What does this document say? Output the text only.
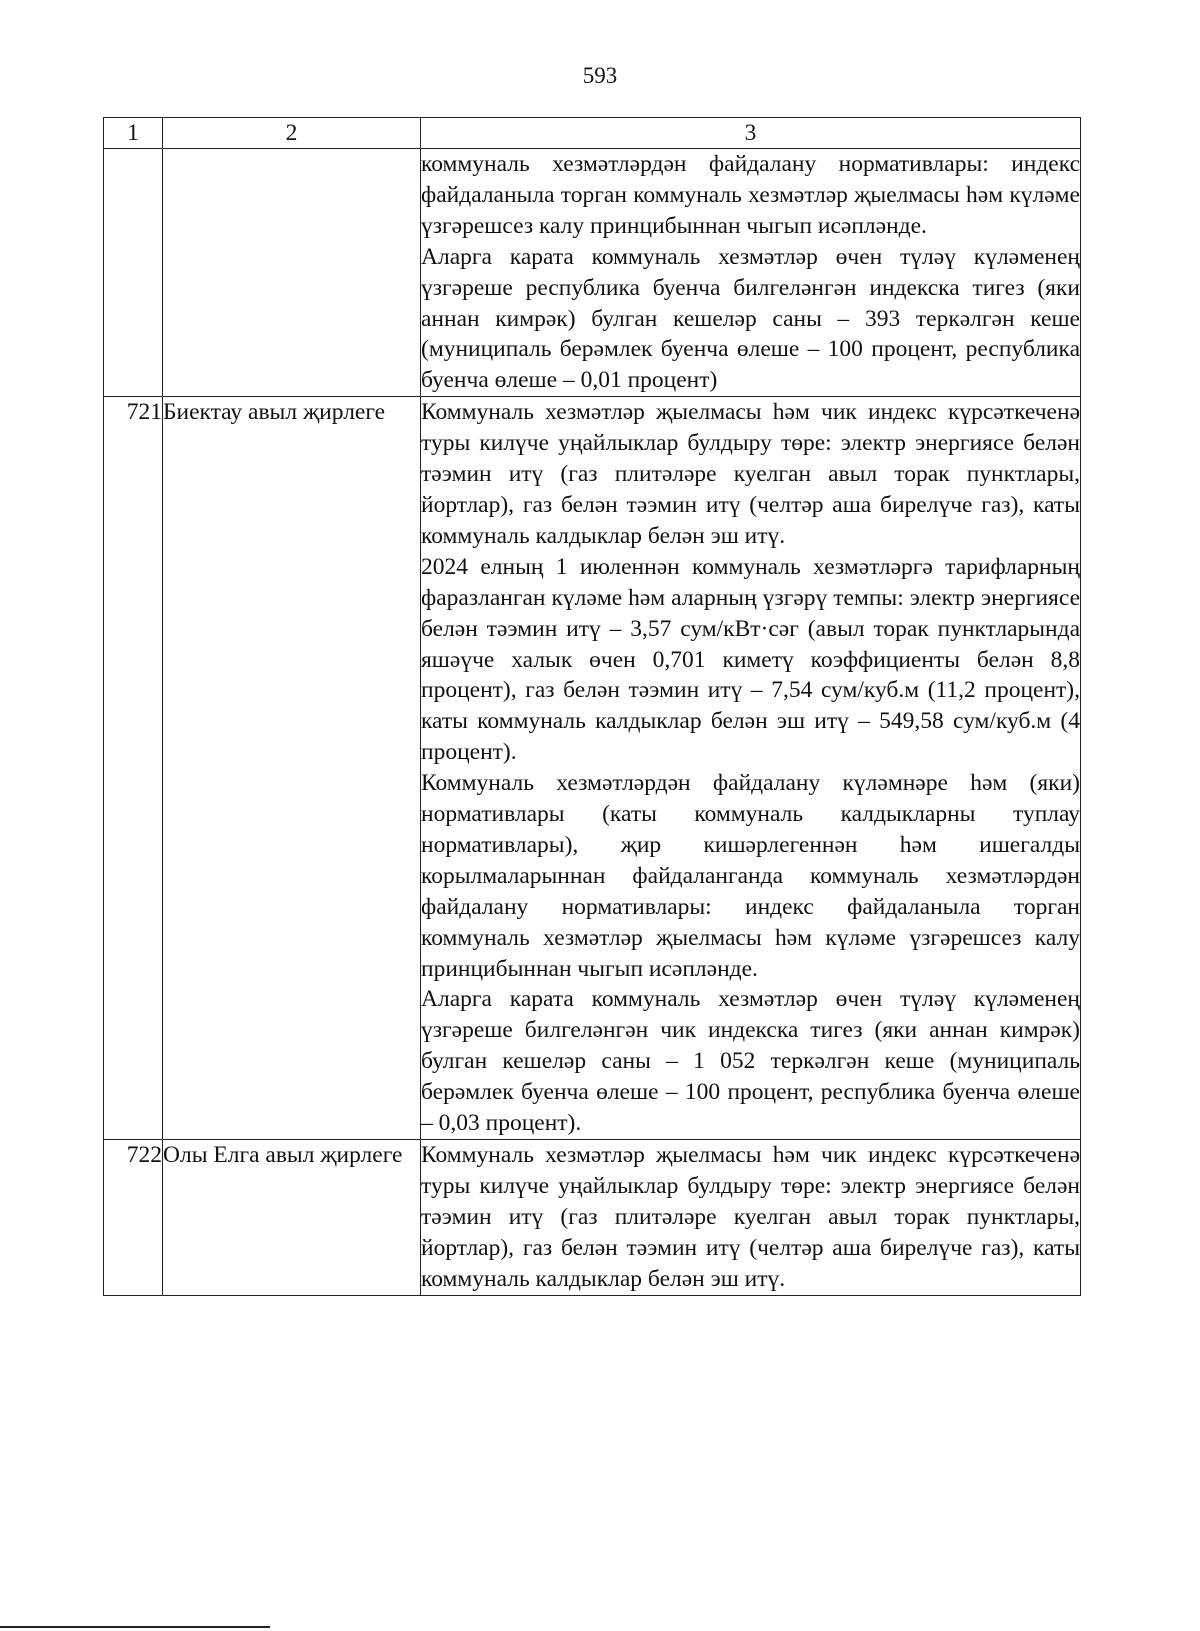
593
1	2	3

		коммуналь хезмәтләрдән файдалану нормативлары: индекс файдаланыла торган коммуналь хезмәтләр җыелмасы һәм күләме үзгәрешсез калу принцибыннан чыгып исәпләнде.

Аларга карата коммуналь хезмәтләр өчен түләү күләменең үзгәреше республика буенча билгеләнгән индекска тигез (яки аннан кимрәк) булган кешеләр саны – 393 теркәлгән кеше (муниципаль берәмлек буенча өлеше – 100 процент, республика буенча өлеше – 0,01 процент)

721	Биектау авыл җирлеге	Коммуналь хезмәтләр җыелмасы һәм чик индекс күрсәткеченә туры килүче уңайлыклар булдыру төре: электр энергиясе белән тәэмин итү (газ плитәләре куелган авыл торак пунктлары, йортлар), газ белән тәэмин итү (челтәр аша бирелүче газ), каты коммуналь калдыклар белән эш итү.

2024 елның 1 июленнән коммуналь хезмәтләргә тарифларның фаразланган күләме һәм аларның үзгәрү темпы: электр энергиясе белән тәэмин итү – 3,57 сум/кВт·сәг (авыл торак пунктларында яшәүче халык өчен 0,701 киметү коэффициенты белән 8,8 процент), газ белән тәэмин итү – 7,54 сум/куб.м (11,2 процент), каты коммуналь калдыклар белән эш итү – 549,58 сум/куб.м (4 процент).

Коммуналь хезмәтләрдән файдалану күләмнәре һәм (яки) нормативлары (каты коммуналь калдыкларны туплау нормативлары), җир кишәрлегеннән һәм ишегалды корылмаларыннан файдаланганда коммуналь хезмәтләрдән файдалану нормативлары: индекс файдаланыла торган коммуналь хезмәтләр җыелмасы һәм күләме үзгәрешсез калу принцибыннан чыгып исәпләнде.

Аларга карата коммуналь хезмәтләр өчен түләү күләменең үзгәреше билгеләнгән чик индекска тигез (яки аннан кимрәк) булган кешеләр саны – 1 052 теркәлгән кеше (муниципаль берәмлек буенча өлеше – 100 процент, республика буенча өлеше – 0,03 процент).

722	Олы Елга авыл җирлеге	Коммуналь хезмәтләр җыелмасы һәм чик индекс күрсәткеченә туры килүче уңайлыклар булдыру төре: электр энергиясе белән тәэмин итү (газ плитәләре куелган авыл торак пунктлары, йортлар), газ белән тәэмин итү (челтәр аша бирелүче газ), каты коммуналь калдыклар белән эш итү.
